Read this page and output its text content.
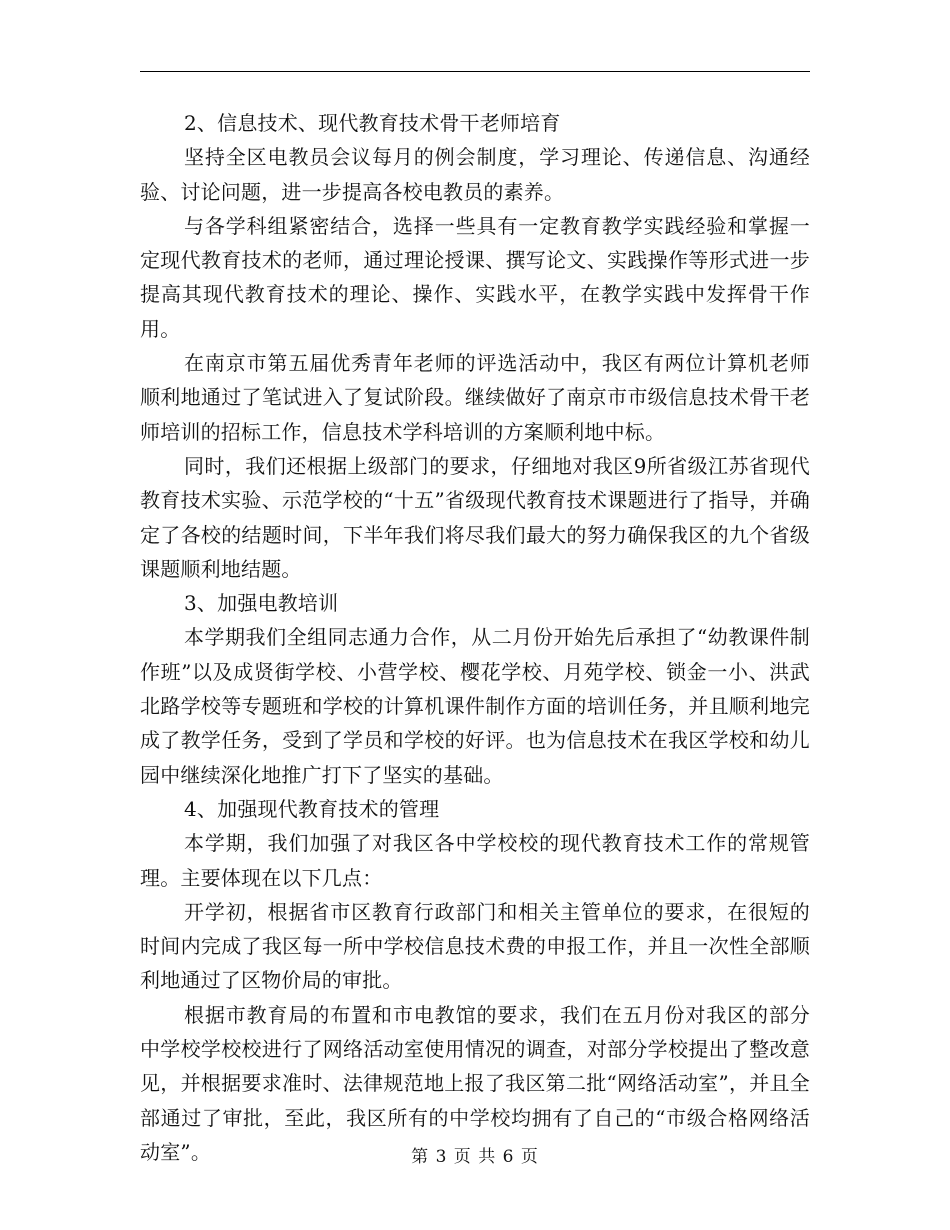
2、信息技术、现代教育技术骨干老师培育

坚持全区电教员会议每月的例会制度，学习理论、传递信息、沟通经验、讨论问题，进一步提高各校电教员的素养。

与各学科组紧密结合，选择一些具有一定教育教学实践经验和掌握一定现代教育技术的老师，通过理论授课、撰写论文、实践操作等形式进一步提高其现代教育技术的理论、操作、实践水平，在教学实践中发挥骨干作用。

在南京市第五届优秀青年老师的评选活动中，我区有两位计算机老师顺利地通过了笔试进入了复试阶段。继续做好了南京市市级信息技术骨干老师培训的招标工作，信息技术学科培训的方案顺利地中标。

同时，我们还根据上级部门的要求，仔细地对我区9所省级江苏省现代教育技术实验、示范学校的“十五”省级现代教育技术课题进行了指导，并确定了各校的结题时间，下半年我们将尽我们最大的努力确保我区的九个省级课题顺利地结题。

3、加强电教培训

本学期我们全组同志通力合作，从二月份开始先后承担了“幼教课件制作班”以及成贤街学校、小营学校、樱花学校、月苑学校、锁金一小、洪武北路学校等专题班和学校的计算机课件制作方面的培训任务，并且顺利地完成了教学任务，受到了学员和学校的好评。也为信息技术在我区学校和幼儿园中继续深化地推广打下了坚实的基础。

4、加强现代教育技术的管理

本学期，我们加强了对我区各中学校校的现代教育技术工作的常规管理。主要体现在以下几点：

开学初，根据省市区教育行政部门和相关主管单位的要求，在很短的时间内完成了我区每一所中学校信息技术费的申报工作，并且一次性全部顺利地通过了区物价局的审批。

根据市教育局的布置和市电教馆的要求，我们在五月份对我区的部分中学校学校校进行了网络活动室使用情况的调查，对部分学校提出了整改意见，并根据要求准时、法律规范地上报了我区第二批“网络活动室”，并且全部通过了审批，至此，我区所有的中学校均拥有了自己的“市级合格网络活动室”。	第 3 页 共 6 页
